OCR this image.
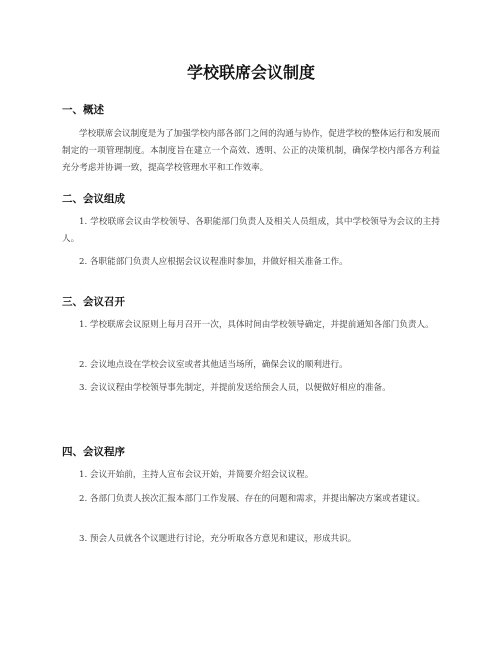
学校联席会议制度
一、概述

学校联席会议制度是为了加强学校内部各部门之间的沟通与协作，促进学校的整体运行和发展而制定的一项管理制度。本制度旨在建立一个高效、透明、公正的决策机制，确保学校内部各方利益充分考虑并协调一致，提高学校管理水平和工作效率。

二、会议组成

1. 学校联席会议由学校领导、各职能部门负责人及相关人员组成，其中学校领导为会议的主持人。

2. 各职能部门负责人应根据会议议程准时参加，并做好相关准备工作。

三、会议召开

1. 学校联席会议原则上每月召开一次，具体时间由学校领导确定，并提前通知各部门负责人。

2. 会议地点设在学校会议室或者其他适当场所，确保会议的顺利进行。

3. 会议议程由学校领导事先制定，并提前发送给预会人员，以便做好相应的准备。

四、会议程序

1. 会议开始前，主持人宣布会议开始，并简要介绍会议议程。

2. 各部门负责人挨次汇报本部门工作发展、存在的问题和需求，并提出解决方案或者建议。

3. 预会人员就各个议题进行讨论，充分听取各方意见和建议，形成共识。
